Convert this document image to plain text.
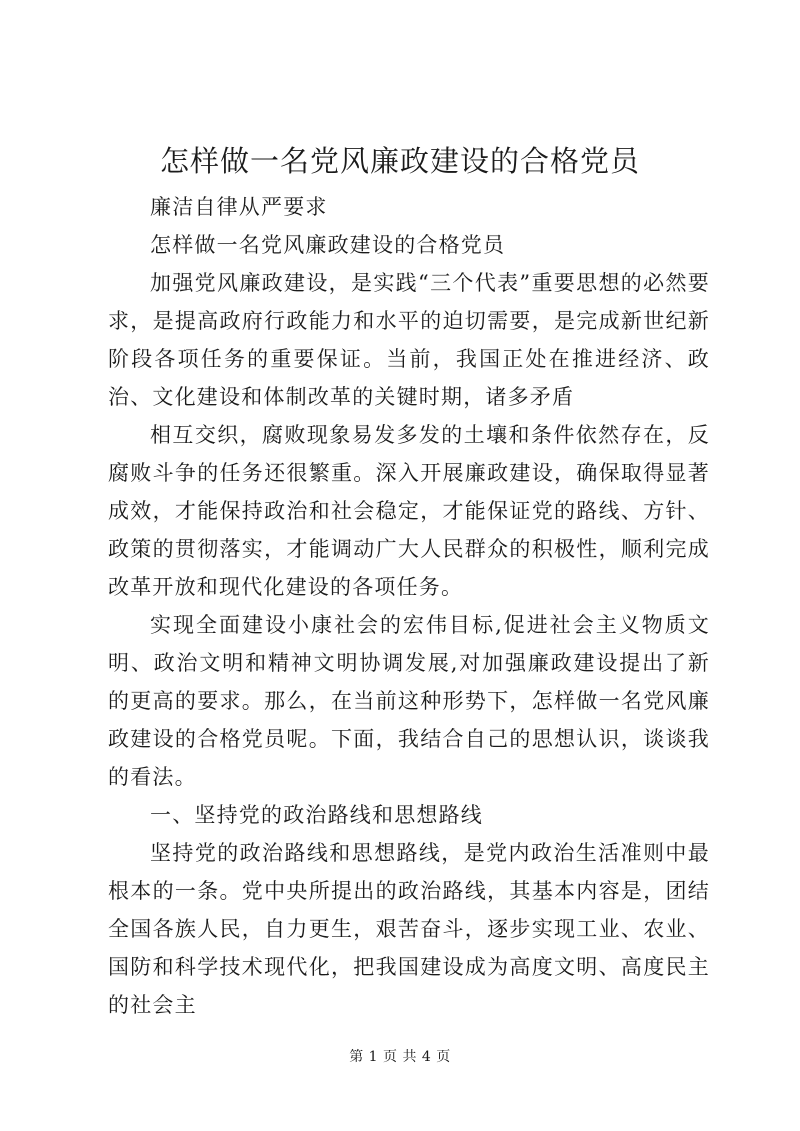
怎样做一名党风廉政建设的合格党员

廉洁自律从严要求

怎样做一名党风廉政建设的合格党员

加强党风廉政建设，是实践“三个代表”重要思想的必然要求，是提高政府行政能力和水平的迫切需要，是完成新世纪新阶段各项任务的重要保证。当前，我国正处在推进经济、政治、文化建设和体制改革的关键时期，诸多矛盾

相互交织，腐败现象易发多发的土壤和条件依然存在，反腐败斗争的任务还很繁重。深入开展廉政建设，确保取得显著成效，才能保持政治和社会稳定，才能保证党的路线、方针、政策的贯彻落实，才能调动广大人民群众的积极性，顺利完成改革开放和现代化建设的各项任务。

实现全面建设小康社会的宏伟目标,促进社会主义物质文明、政治文明和精神文明协调发展,对加强廉政建设提出了新的更高的要求。那么，在当前这种形势下，怎样做一名党风廉政建设的合格党员呢。下面，我结合自己的思想认识，谈谈我的看法。

一、坚持党的政治路线和思想路线

坚持党的政治路线和思想路线，是党内政治生活准则中最根本的一条。党中央所提出的政治路线，其基本内容是，团结全国各族人民，自力更生，艰苦奋斗，逐步实现工业、农业、国防和科学技术现代化，把我国建设成为高度文明、高度民主的社会主

第 1 页 共 4 页
